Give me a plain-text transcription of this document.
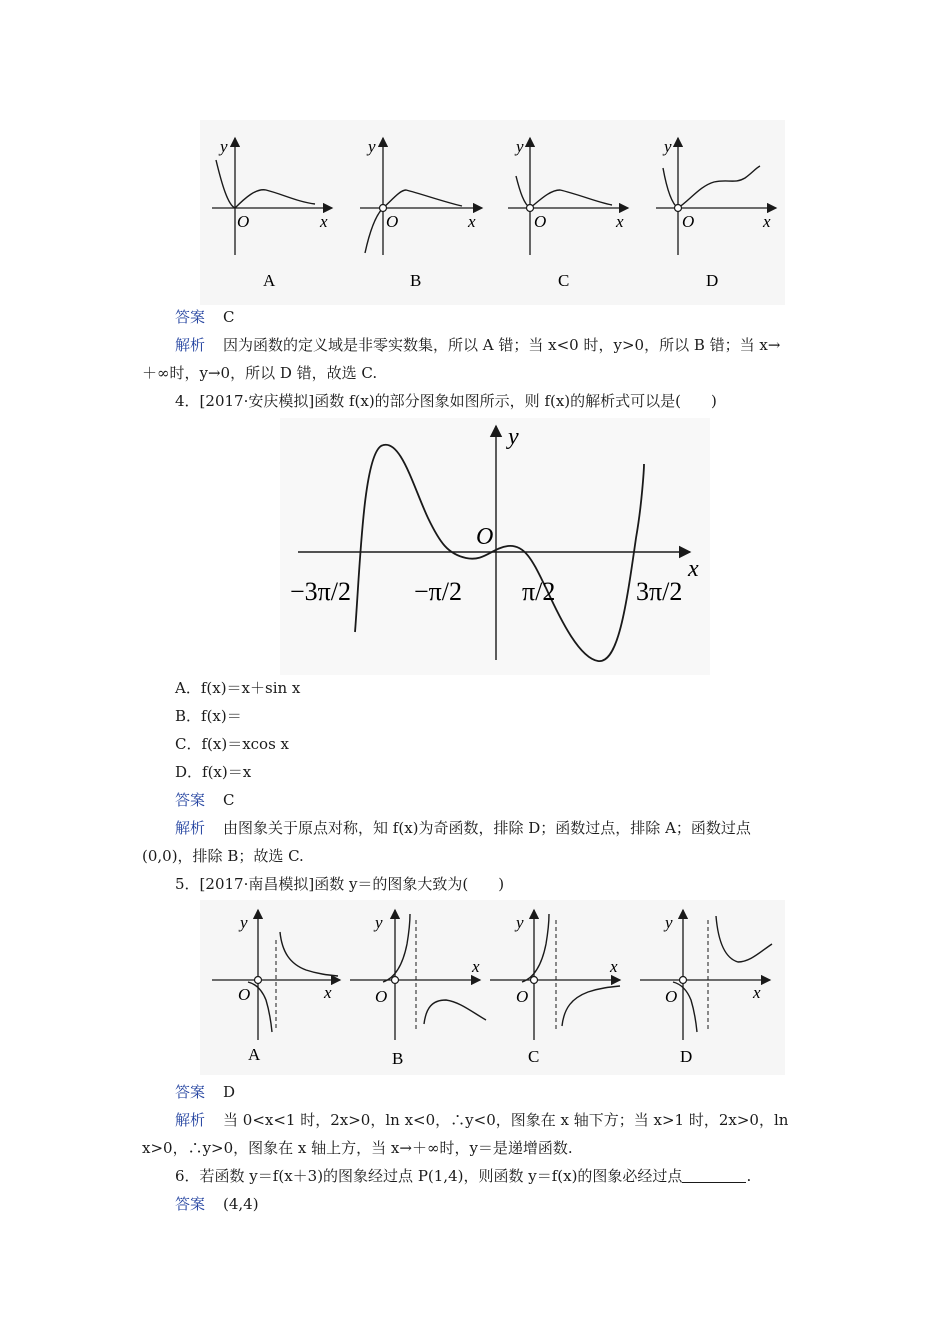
y
O	x
A
y
O	x
B
y
O	x
C
y
O	x
D
答案 C
解析 因为函数的定义域是非零实数集，所以 A 错；当 x<0 时，y>0，所以 B 错；当 x→
＋∞时，y→0，所以 D 错，故选 C.
4．[2017·安庆模拟]函数 f(x)的部分图象如图所示，则 f(x)的解析式可以是(　　)
y
x
O
−3π/2 −π/2 π/2	3π/2
A．f(x)＝x＋sin x
B．f(x)＝
C．f(x)＝xcos x
D．f(x)＝x
答案 C
解析 由图象关于原点对称，知 f(x)为奇函数，排除 D；函数过点，排除 A；函数过点
(0,0)，排除 B；故选 C.
5．[2017·南昌模拟]函数 y＝的图象大致为(　　)
y
O	x
A
y
O
x
B
y
O
x
C
y
O	x
D
答案 D
解析 当 0<x<1 时，2x>0，ln x<0，∴y<0，图象在 x 轴下方；当 x>1 时，2x>0，ln
x>0，∴y>0，图象在 x 轴上方，当 x→＋∞时，y＝是递增函数.
6．若函数 y＝f(x＋3)的图象经过点 P(1,4)，则函数 y＝f(x)的图象必经过点	.
答案 (4,4)
